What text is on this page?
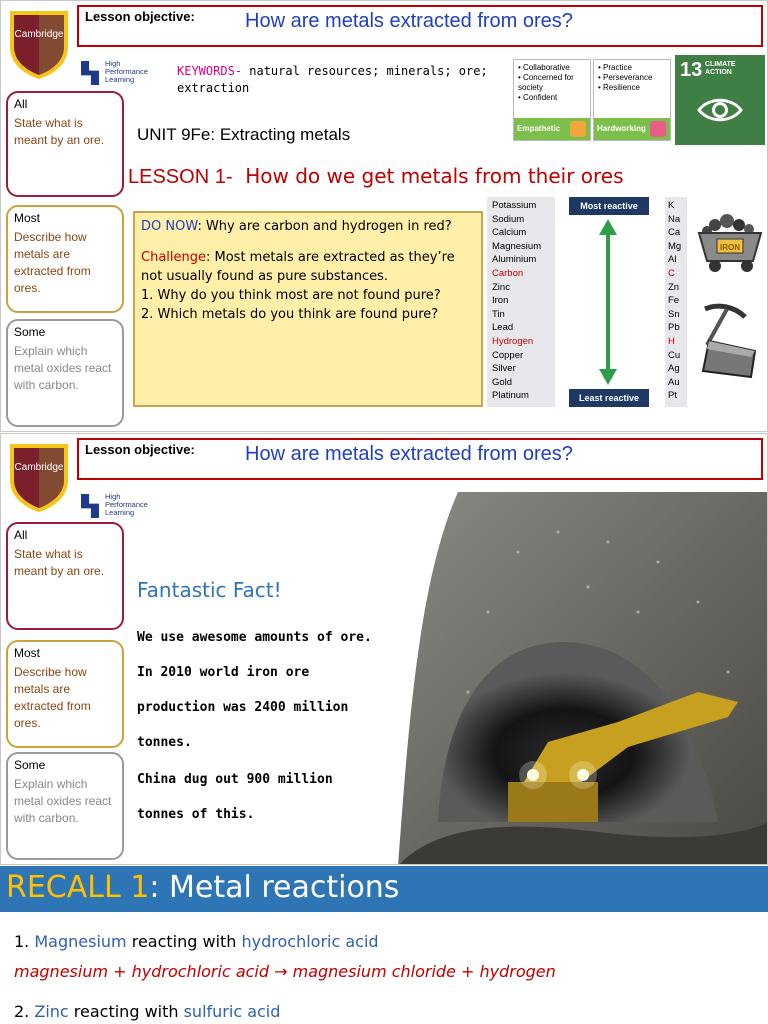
Cambridge
Lesson objective:	How are metals extracted from ores?
High
Performance
Learning
KEYWORDS- natural resources; minerals; ore; extraction
• Collaborative
• Concerned for society
• Confident
Empathetic
• Practice
• Perseverance
• Resilience
Hardworking
13 CLIMATE
ACTION
All
State what is meant by an ore.
Most
Describe how metals are extracted from ores.
Some
Explain which metal oxides react with carbon.
UNIT 9Fe: Extracting metals
LESSON 1- How do we get metals from their ores
DO NOW: Why are carbon and hydrogen in red?
Challenge: Most metals are extracted as they’re not usually found as pure substances.
1. Why do you think most are not found pure?
2. Which metals do you think are found pure?
Potassium
Sodium
Calcium
Magnesium
Aluminium
Carbon
Zinc
Iron
Tin
Lead
Hydrogen
Copper
Silver
Gold
Platinum
Most reactive
Least reactive
K
Na
Ca
Mg
Al
C
Zn
Fe
Sn
Pb
H
Cu
Ag
Au
Pt
IRON
Cambridge
Lesson objective:	How are metals extracted from ores?
High
Performance
Learning
All
State what is meant by an ore.
Most
Describe how metals are extracted from ores.
Some
Explain which metal oxides react with carbon.
Fantastic Fact!
We use awesome amounts of ore. In 2010 world iron ore production was 2400 million tonnes.
China dug out 900 million tonnes of this.
RECALL 1: Metal reactions
1. Magnesium reacting with hydrochloric acid
magnesium + hydrochloric acid → magnesium chloride + hydrogen
2. Zinc reacting with sulfuric acid
